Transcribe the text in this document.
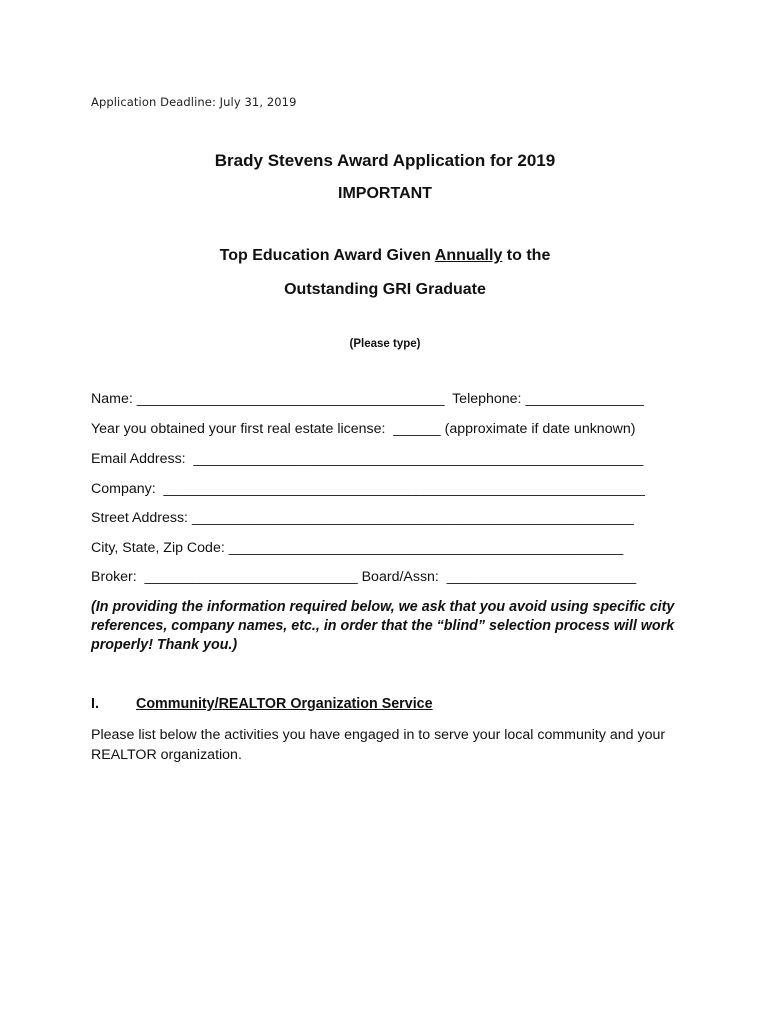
Application Deadline: July 31, 2019
Brady Stevens Award Application for 2019
IMPORTANT
Top Education Award Given Annually to the
Outstanding GRI Graduate
(Please type)
Name: _______________________________________  Telephone: _______________
Year you obtained your first real estate license:  ______ (approximate if date unknown)
Email Address:  _________________________________________________________
Company:  _____________________________________________________________
Street Address: ________________________________________________________
City, State, Zip Code: __________________________________________________
Broker:  ___________________________ Board/Assn:  ________________________
(In providing the information required below, we ask that you avoid using specific city references, company names, etc., in order that the “blind” selection process will work properly! Thank you.)
I.	Community/REALTOR Organization Service
Please list below the activities you have engaged in to serve your local community and your REALTOR organization.
